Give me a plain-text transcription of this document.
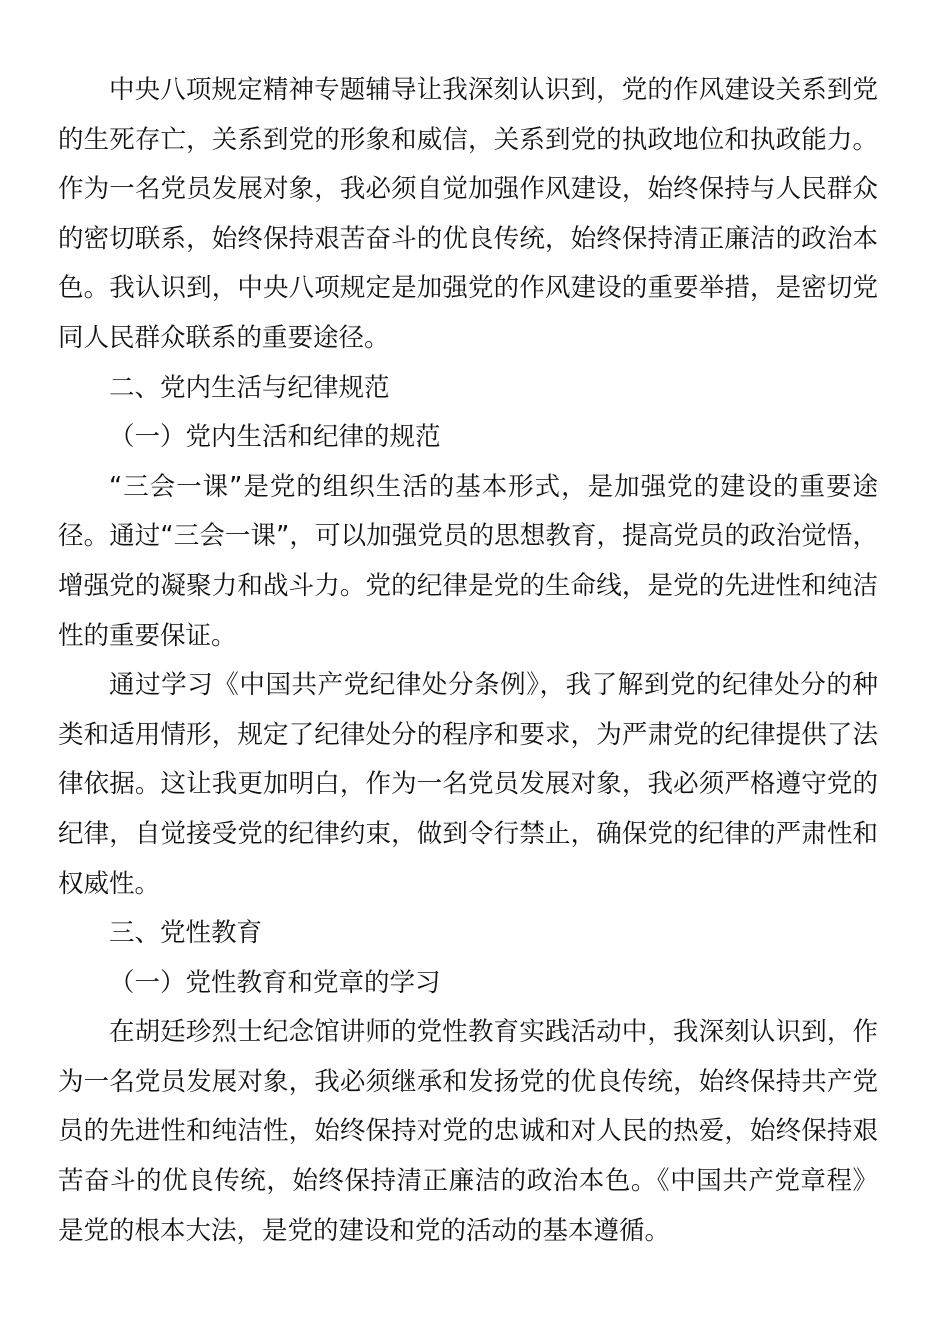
中央八项规定精神专题辅导让我深刻认识到，党的作风建设关系到党的生死存亡，关系到党的形象和威信，关系到党的执政地位和执政能力。作为一名党员发展对象，我必须自觉加强作风建设，始终保持与人民群众的密切联系，始终保持艰苦奋斗的优良传统，始终保持清正廉洁的政治本色。我认识到，中央八项规定是加强党的作风建设的重要举措，是密切党同人民群众联系的重要途径。

二、党内生活与纪律规范

（一）党内生活和纪律的规范

“三会一课”是党的组织生活的基本形式，是加强党的建设的重要途径。通过“三会一课”，可以加强党员的思想教育，提高党员的政治觉悟，增强党的凝聚力和战斗力。党的纪律是党的生命线，是党的先进性和纯洁性的重要保证。

通过学习《中国共产党纪律处分条例》，我了解到党的纪律处分的种类和适用情形，规定了纪律处分的程序和要求，为严肃党的纪律提供了法律依据。这让我更加明白，作为一名党员发展对象，我必须严格遵守党的纪律，自觉接受党的纪律约束，做到令行禁止，确保党的纪律的严肃性和权威性。

三、党性教育

（一）党性教育和党章的学习

在胡廷珍烈士纪念馆讲师的党性教育实践活动中，我深刻认识到，作为一名党员发展对象，我必须继承和发扬党的优良传统，始终保持共产党员的先进性和纯洁性，始终保持对党的忠诚和对人民的热爱，始终保持艰苦奋斗的优良传统，始终保持清正廉洁的政治本色。《中国共产党章程》是党的根本大法，是党的建设和党的活动的基本遵循。
